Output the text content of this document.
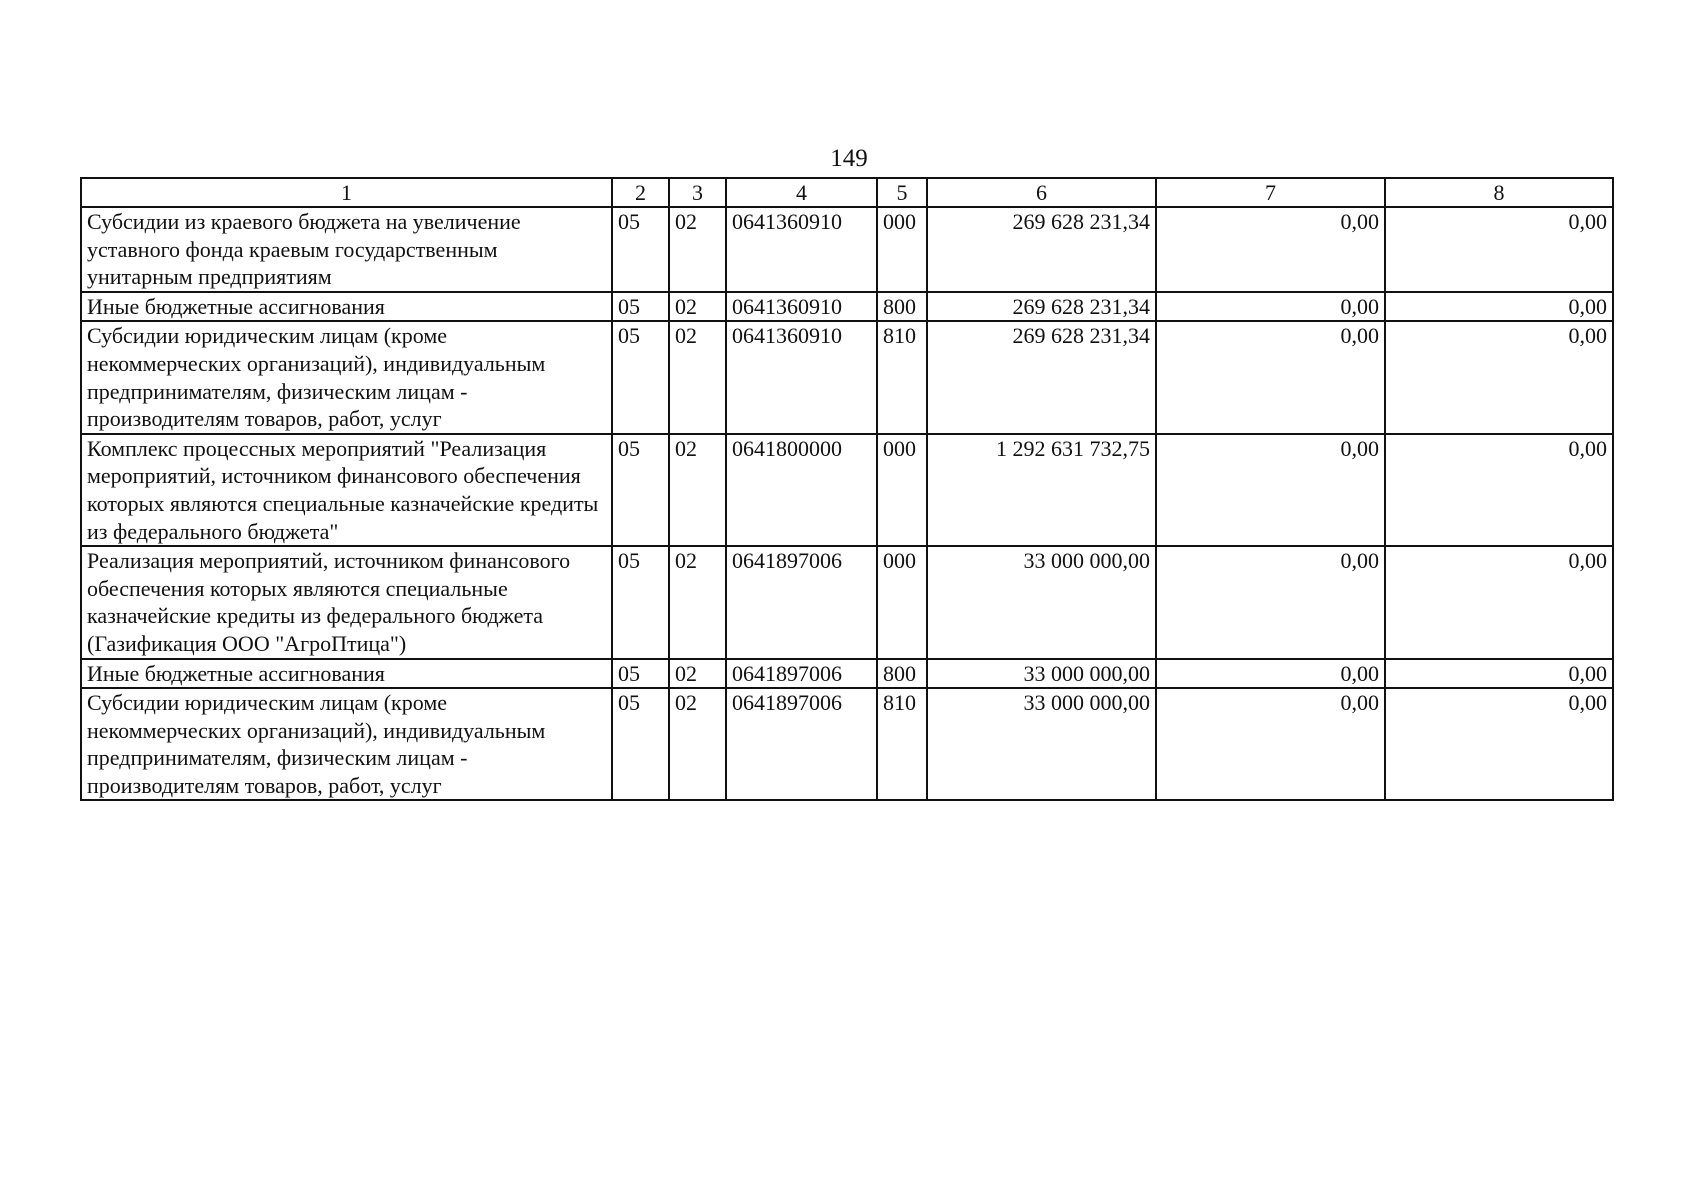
149
1	2	3	4	5	6	7	8
Субсидии из краевого бюджета на увеличение уставного фонда краевым государственным унитарным предприятиям	05	02	0641360910	000	269 628 231,34	0,00	0,00
Иные бюджетные ассигнования	05	02	0641360910	800	269 628 231,34	0,00	0,00
Субсидии юридическим лицам (кроме некоммерческих организаций), индивидуальным предпринимателям, физическим лицам - производителям товаров, работ, услуг	05	02	0641360910	810	269 628 231,34	0,00	0,00
Комплекс процессных мероприятий "Реализация мероприятий, источником финансового обеспечения которых являются специальные казначейские кредиты из федерального бюджета"	05	02	0641800000	000	1 292 631 732,75	0,00	0,00
Реализация мероприятий, источником финансового обеспечения которых являются специальные казначейские кредиты из федерального бюджета (Газификация ООО "АгроПтица")	05	02	0641897006	000	33 000 000,00	0,00	0,00
Иные бюджетные ассигнования	05	02	0641897006	800	33 000 000,00	0,00	0,00
Субсидии юридическим лицам (кроме некоммерческих организаций), индивидуальным предпринимателям, физическим лицам - производителям товаров, работ, услуг	05	02	0641897006	810	33 000 000,00	0,00	0,00
